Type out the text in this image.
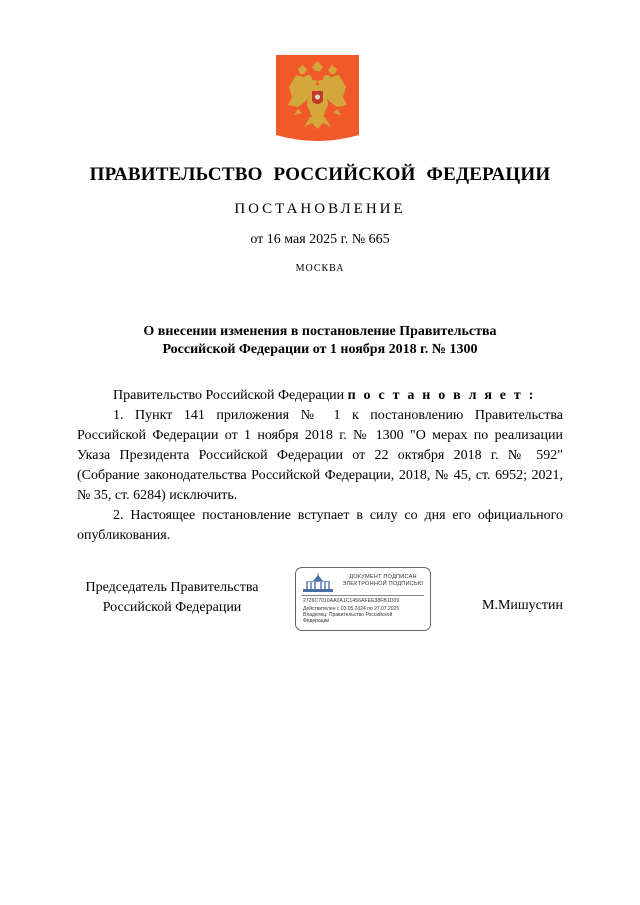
ПРАВИТЕЛЬСТВО РОССИЙСКОЙ ФЕДЕРАЦИИ
ПОСТАНОВЛЕНИЕ
от 16 мая 2025 г. № 665
МОСКВА
О внесении изменения в постановление Правительства
Российской Федерации от 1 ноября 2018 г. № 1300

Правительство Российской Федерации п о с т а н о в л я е т :

1. Пункт 141 приложения № 1 к постановлению Правительства Российской Федерации от 1 ноября 2018 г. № 1300 "О мерах по реализации Указа Президента Российской Федерации от 22 октября 2018 г. № 592" (Собрание законодательства Российской Федерации, 2018, № 45, ст. 6952; 2021, № 35, ст. 6284) исключить.

2. Настоящее постановление вступает в силу со дня его официального опубликования.

Председатель Правительства
Российской Федерации
ДОКУМЕНТ ПОДПИСАН
ЭЛЕКТРОННОЙ ПОДПИСЬЮ
2726C7010AA0A1C1456AFEE38FB1D09
Действителен с 03.05.2024 по 27.07.2025
Владелец: Правительство Российской Федерации
М.Мишустин
